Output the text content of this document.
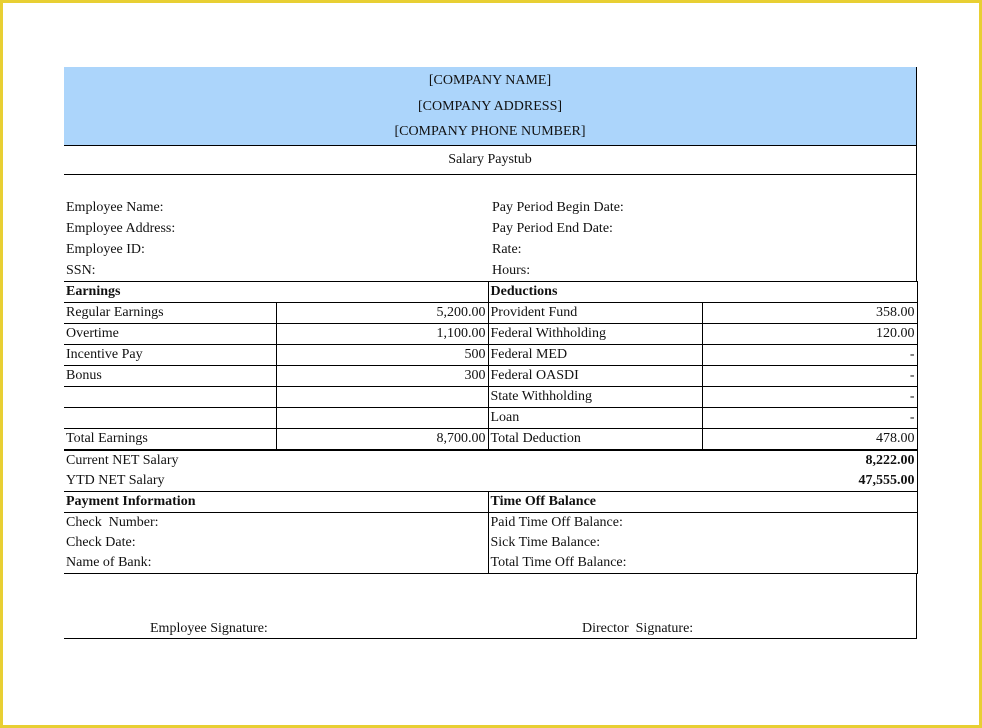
[COMPANY NAME]
[COMPANY ADDRESS]
[COMPANY PHONE NUMBER]
Salary Paystub
Employee Name:
Employee Address:
Employee ID:
SSN:
Pay Period Begin Date:
Pay Period End Date:
Rate:
Hours:
Earnings		Deductions	
Regular Earnings	5,200.00	Provident Fund	358.00
Overtime	1,100.00	Federal Withholding	120.00
Incentive Pay	500	Federal MED	-
Bonus	300	Federal OASDI	-
		State Withholding	-
		Loan	-
Total Earnings	8,700.00	Total Deduction	478.00
Current NET Salary	8,222.00
YTD NET Salary	47,555.00
Payment Information	Time Off Balance
Check  Number:	Paid Time Off Balance:
Check Date:	Sick Time Balance:
Name of Bank:	Total Time Off Balance:
Employee Signature:	Director  Signature:
